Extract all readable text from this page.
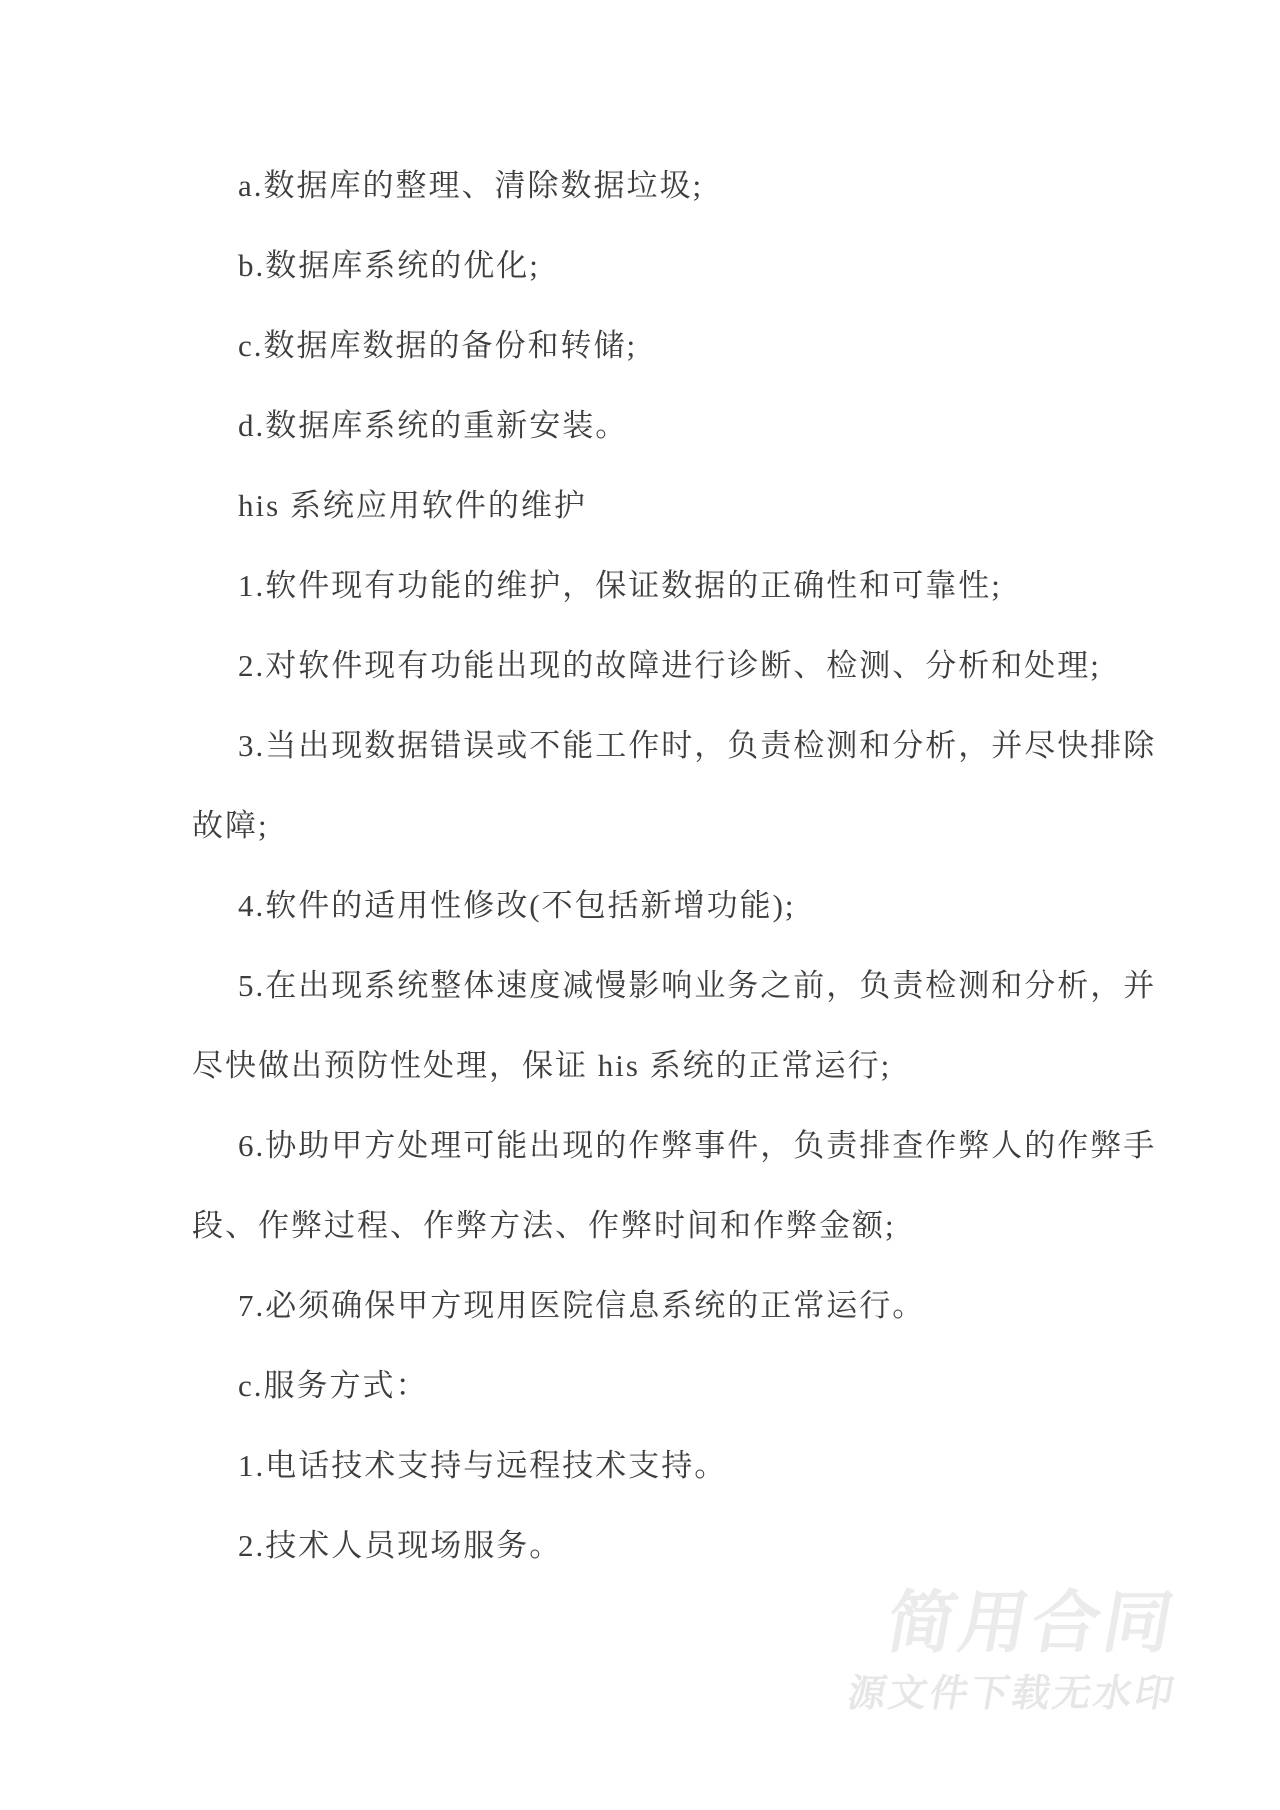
a.数据库的整理、清除数据垃圾;
b.数据库系统的优化;
c.数据库数据的备份和转储;
d.数据库系统的重新安装。
his 系统应用软件的维护
1.软件现有功能的维护，保证数据的正确性和可靠性;
2.对软件现有功能出现的故障进行诊断、检测、分析和处理;
3.当出现数据错误或不能工作时，负责检测和分析，并尽快排除
故障;
4.软件的适用性修改(不包括新增功能);
5.在出现系统整体速度减慢影响业务之前，负责检测和分析，并
尽快做出预防性处理，保证 his 系统的正常运行;
6.协助甲方处理可能出现的作弊事件，负责排查作弊人的作弊手
段、作弊过程、作弊方法、作弊时间和作弊金额;
7.必须确保甲方现用医院信息系统的正常运行。
c.服务方式：
1.电话技术支持与远程技术支持。
2.技术人员现场服务。
简用合同
源文件下载无水印
